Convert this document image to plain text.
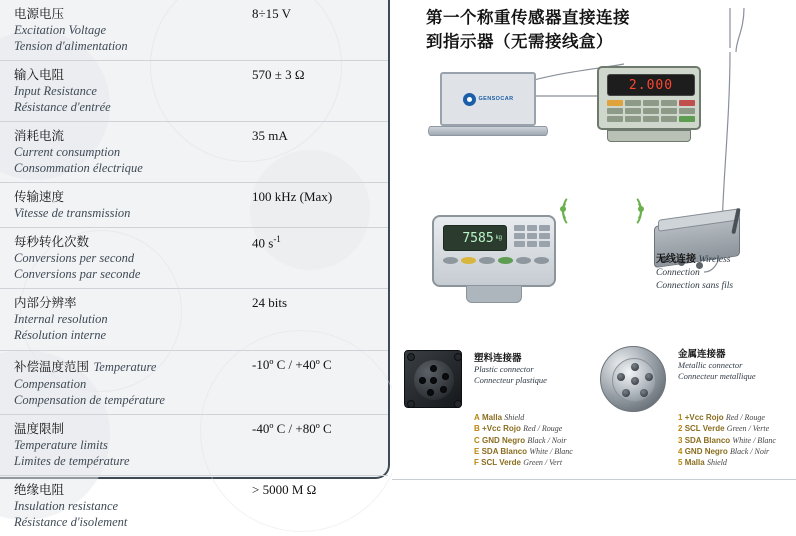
电源电压
Excitation Voltage
Tension d'alimentation	8÷15 V

输入电阻
Input Resistance
Résistance d'entrée	570 ± 3 Ω

消耗电流
Current consumption
Consommation électrique	35 mA

传输速度
Vitesse de transmission	100 kHz (Max)

每秒转化次数
Conversions per second
Conversions par seconde	40 $s^{-1}$

内部分辨率
Internal resolution
Résolution interne	24 bits
补偿温度范围 Temperature
Compensation
Compensation de température	-10º C / +40º C

温度限制
Temperature limits
Limites de température	-40º C / +80º C

绝缘电阻
Insulation resistance
Résistance d'isolement	> 5000 M Ω
第一个称重传感器直接连接
到指示器（无需接线盒）
GENSOCAR
2.000
7585 kg
无线连接 Wireless
Connection
Connection sans fils
塑料连接器
Plastic connector
Connecteur plastique
A Malla Shield
B +Vcc Rojo Red / Rouge
C GND Negro Black / Noir
E SDA Blanco White / Blanc
F SCL Verde Green / Vert
金属连接器
Metallic connector
Connecteur metallique
1 +Vcc Rojo Red / Rouge
2 SCL Verde Green / Verte
3 SDA Blanco White / Blanc
4 GND Negro Black / Noir
5 Malla Shield
